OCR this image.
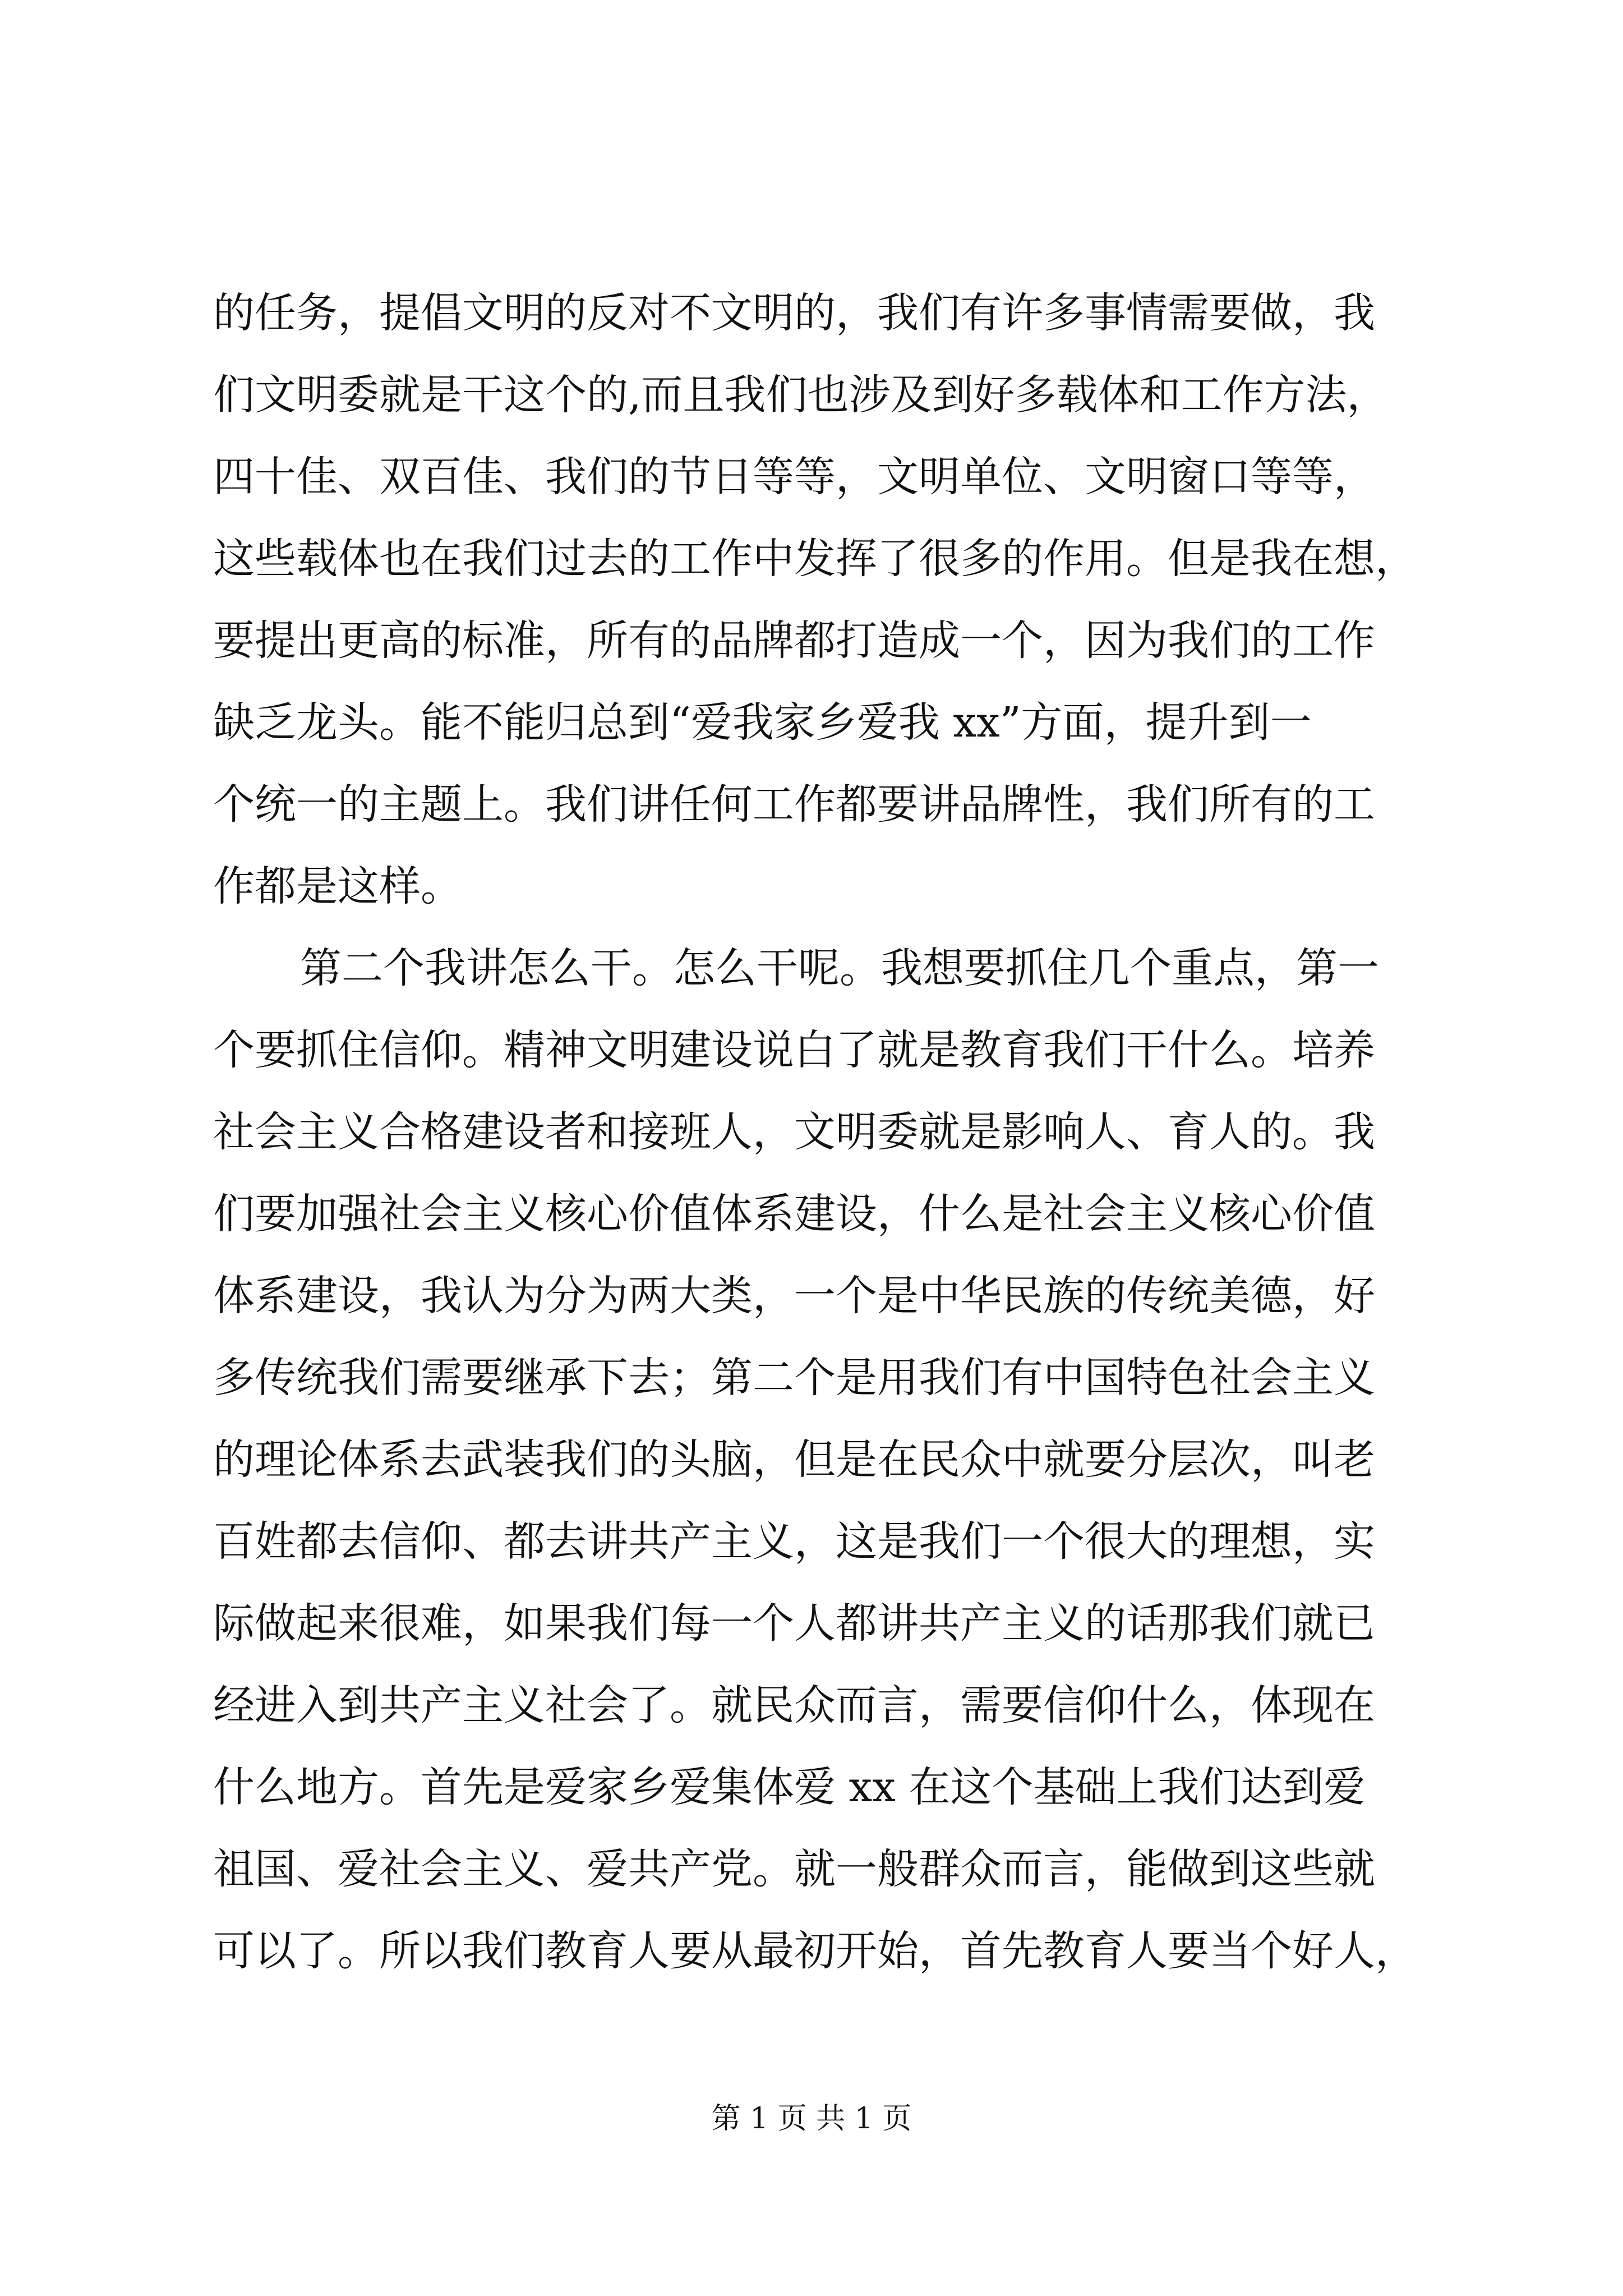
的任务，提倡文明的反对不文明的，我们有许多事情需要做，我
们文明委就是干这个的,而且我们也涉及到好多载体和工作方法，
四十佳、双百佳、我们的节日等等，文明单位、文明窗口等等，
这些载体也在我们过去的工作中发挥了很多的作用。但是我在想，
要提出更高的标准，所有的品牌都打造成一个，因为我们的工作
缺乏龙头。能不能归总到“爱我家乡爱我 xx”方面，提升到一
个统一的主题上。我们讲任何工作都要讲品牌性，我们所有的工
作都是这样。
第二个我讲怎么干。怎么干呢。我想要抓住几个重点，第一
个要抓住信仰。精神文明建设说白了就是教育我们干什么。培养
社会主义合格建设者和接班人，文明委就是影响人、育人的。我
们要加强社会主义核心价值体系建设，什么是社会主义核心价值
体系建设，我认为分为两大类，一个是中华民族的传统美德，好
多传统我们需要继承下去；第二个是用我们有中国特色社会主义
的理论体系去武装我们的头脑，但是在民众中就要分层次，叫老
百姓都去信仰、都去讲共产主义，这是我们一个很大的理想，实
际做起来很难，如果我们每一个人都讲共产主义的话那我们就已
经进入到共产主义社会了。就民众而言，需要信仰什么，体现在
什么地方。首先是爱家乡爱集体爱 xx 在这个基础上我们达到爱
祖国、爱社会主义、爱共产党。就一般群众而言，能做到这些就
可以了。所以我们教育人要从最初开始，首先教育人要当个好人，
第 1 页 共 1 页
